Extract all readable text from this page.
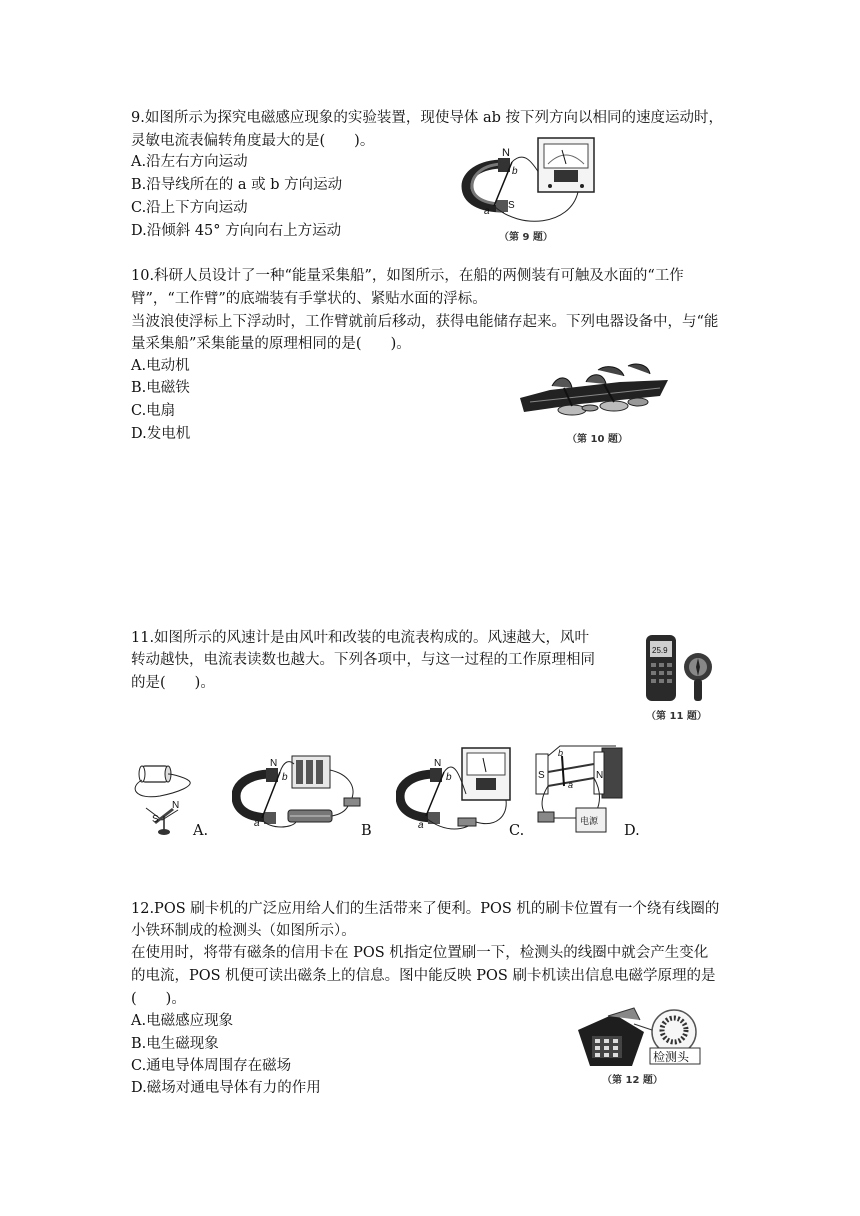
9.如图所示为探究电磁感应现象的实验装置，现使导体 ab 按下列方向以相同的速度运动时，
灵敏电流表偏转角度最大的是(　　)。
A.沿左右方向运动
B.沿导线所在的 a 或 b 方向运动
C.沿上下方向运动
D.沿倾斜 45° 方向向右上方运动
N
S
b
a
（第 9 题）
10.科研人员设计了一种“能量采集船”，如图所示，在船的两侧装有可触及水面的“工作
臂”，“工作臂”的底端装有手掌状的、紧贴水面的浮标。
当波浪使浮标上下浮动时，工作臂就前后移动，获得电能储存起来。下列电器设备中，与“能
量采集船”采集能量的原理相同的是(　　)。
A.电动机
B.电磁铁
C.电扇
D.发电机	（第 10 题）
11.如图所示的风速计是由风叶和改装的电流表构成的。风速越大，风叶
转动越快，电流表读数也越大。下列各项中，与这一过程的工作原理相同
的是(　　)。
25.9
（第 11 题）
S
N
A.
N
b
a	B
N
b
a	C.
S	N
b
a
电源
D.
12.POS 刷卡机的广泛应用给人们的生活带来了便利。POS 机的刷卡位置有一个绕有线圈的
小铁环制成的检测头（如图所示）。
在使用时，将带有磁条的信用卡在 POS 机指定位置刷一下，检测头的线圈中就会产生变化
的电流，POS 机便可读出磁条上的信息。图中能反映 POS 刷卡机读出信息电磁学原理的是
(　　)。
A.电磁感应现象
B.电生磁现象
C.通电导体周围存在磁场
D.磁场对通电导体有力的作用
检测头
（第 12 题）
